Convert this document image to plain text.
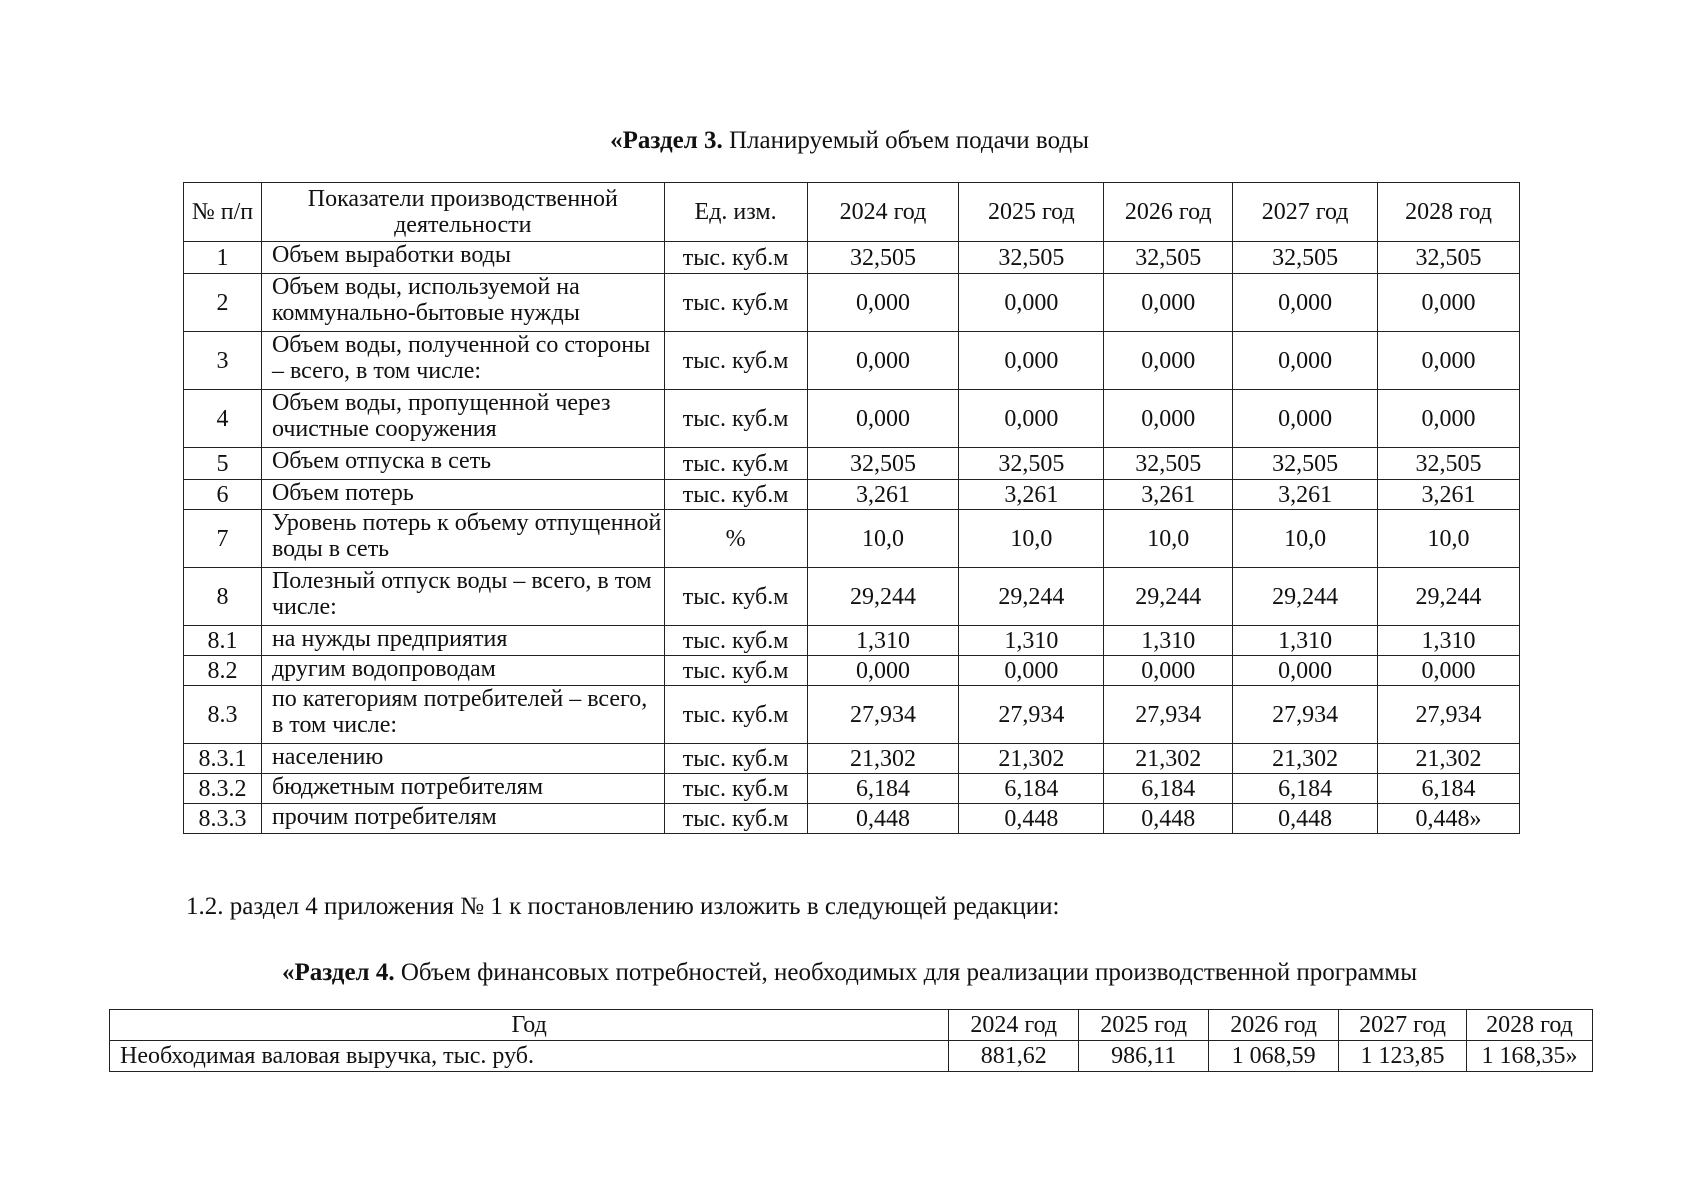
«Раздел 3. Планируемый объем подачи воды
№ п/п	Показатели производственной деятельности	Ед. изм.	2024 год	2025 год	2026 год	2027 год	2028 год
1	Объем выработки воды	тыс. куб.м	32,505	32,505	32,505	32,505	32,505
2	Объем воды, используемой на коммунально-бытовые нужды	тыс. куб.м	0,000	0,000	0,000	0,000	0,000
3	Объем воды, полученной со стороны – всего, в том числе:	тыс. куб.м	0,000	0,000	0,000	0,000	0,000
4	Объем воды, пропущенной через очистные сооружения	тыс. куб.м	0,000	0,000	0,000	0,000	0,000
5	Объем отпуска в сеть	тыс. куб.м	32,505	32,505	32,505	32,505	32,505
6	Объем потерь	тыс. куб.м	3,261	3,261	3,261	3,261	3,261
7	Уровень потерь к объему отпущенной воды в сеть	%	10,0	10,0	10,0	10,0	10,0
8	Полезный отпуск воды – всего, в том числе:	тыс. куб.м	29,244	29,244	29,244	29,244	29,244
8.1	на нужды предприятия	тыс. куб.м	1,310	1,310	1,310	1,310	1,310
8.2	другим водопроводам	тыс. куб.м	0,000	0,000	0,000	0,000	0,000
8.3	по категориям потребителей – всего, в том числе:	тыс. куб.м	27,934	27,934	27,934	27,934	27,934
8.3.1	населению	тыс. куб.м	21,302	21,302	21,302	21,302	21,302
8.3.2	бюджетным потребителям	тыс. куб.м	6,184	6,184	6,184	6,184	6,184
8.3.3	прочим потребителям	тыс. куб.м	0,448	0,448	0,448	0,448	0,448»
1.2. раздел 4 приложения № 1 к постановлению изложить в следующей редакции:
«Раздел 4. Объем финансовых потребностей, необходимых для реализации производственной программы
Год	2024 год	2025 год	2026 год	2027 год	2028 год
Необходимая валовая выручка, тыс. руб.	881,62	986,11	1 068,59	1 123,85	1 168,35»
